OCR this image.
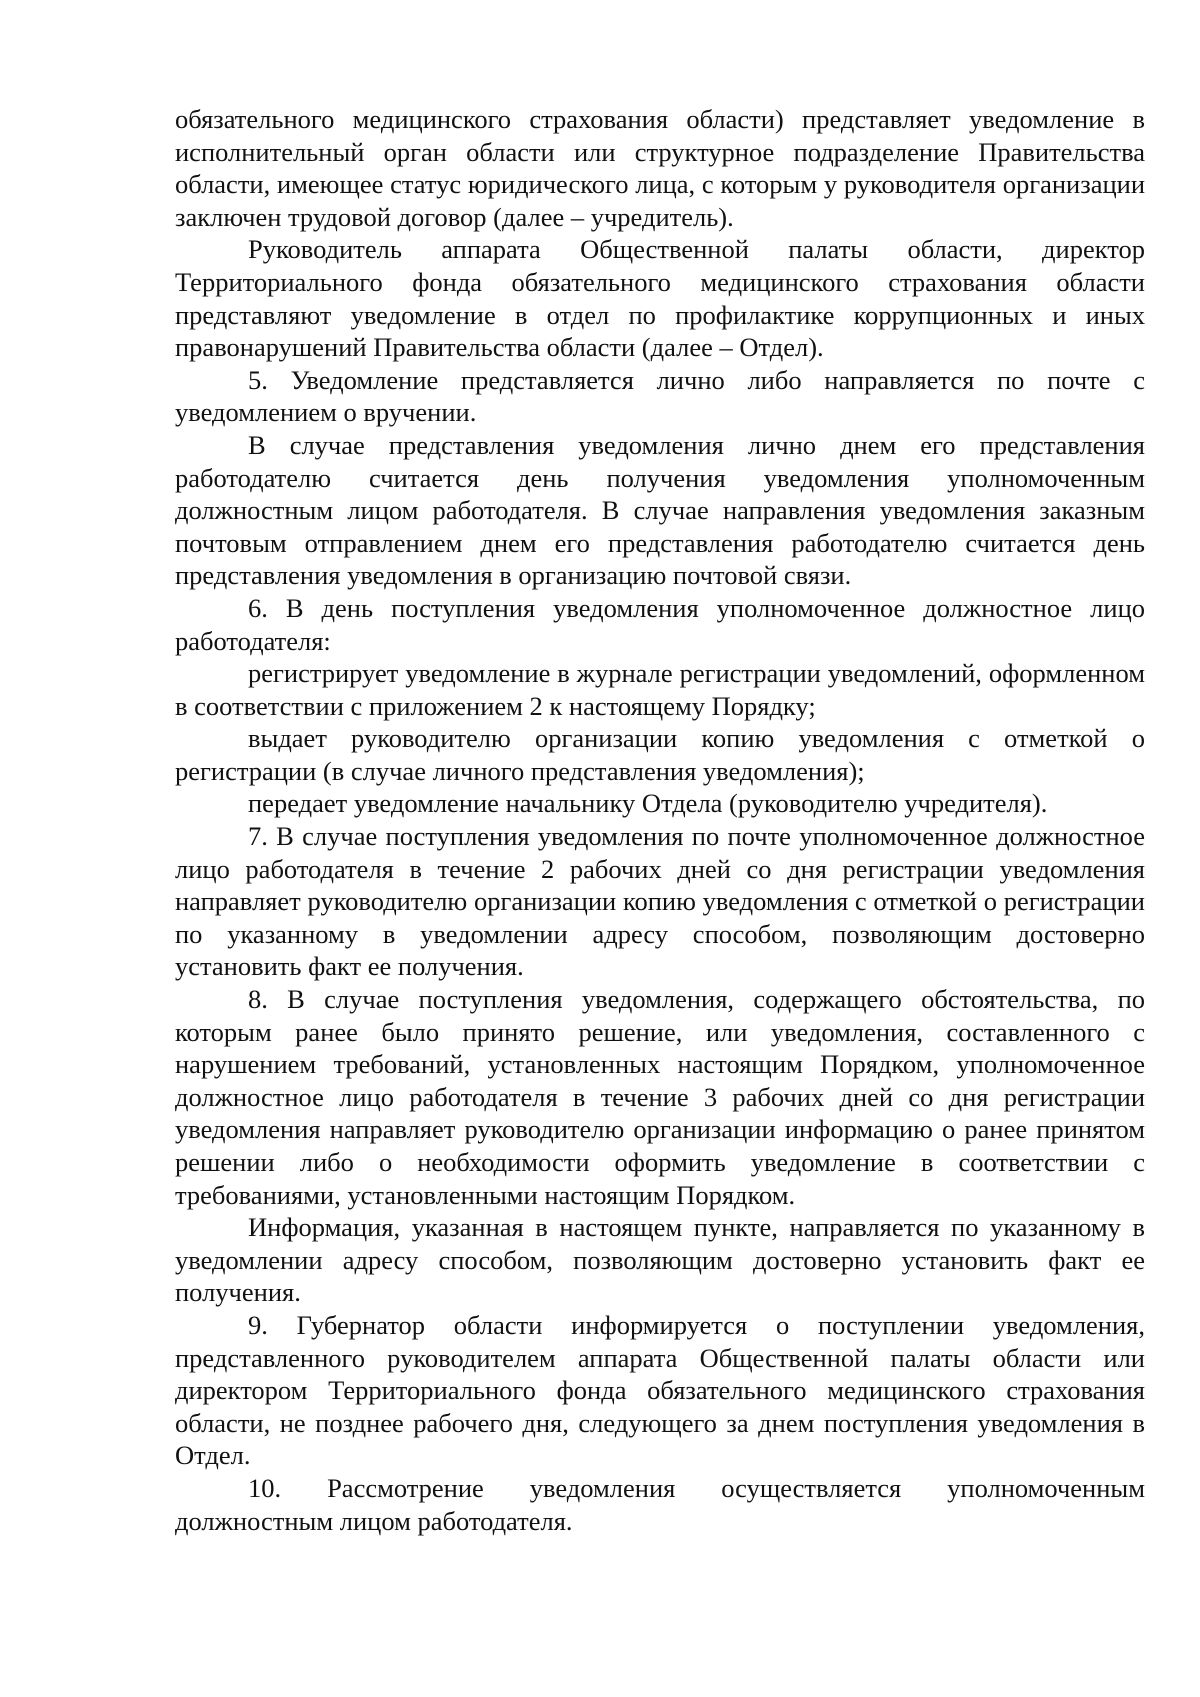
обязательного медицинского страхования области) представляет уведомление в исполнительный орган области или структурное подразделение Правительства области, имеющее статус юридического лица, с которым у руководителя организации заключен трудовой договор (далее – учредитель).

Руководитель аппарата Общественной палаты области, директор Территориального фонда обязательного медицинского страхования области представляют уведомление в отдел по профилактике коррупционных и иных правонарушений Правительства области (далее – Отдел).

5. Уведомление представляется лично либо направляется по почте с уведомлением о вручении.

В случае представления уведомления лично днем его представления работодателю считается день получения уведомления уполномоченным должностным лицом работодателя. В случае направления уведомления заказным почтовым отправлением днем его представления работодателю считается день представления уведомления в организацию почтовой связи.

6. В день поступления уведомления уполномоченное должностное лицо работодателя:

регистрирует уведомление в журнале регистрации уведомлений, оформленном в соответствии с приложением 2 к настоящему Порядку;

выдает руководителю организации копию уведомления с отметкой о регистрации (в случае личного представления уведомления);

передает уведомление начальнику Отдела (руководителю учредителя).

7. В случае поступления уведомления по почте уполномоченное должностное лицо работодателя в течение 2 рабочих дней со дня регистрации уведомления направляет руководителю организации копию уведомления с отметкой о регистрации по указанному в уведомлении адресу способом, позволяющим достоверно установить факт ее получения.

8. В случае поступления уведомления, содержащего обстоятельства, по которым ранее было принято решение, или уведомления, составленного с нарушением требований, установленных настоящим Порядком, уполномоченное должностное лицо работодателя в течение 3 рабочих дней со дня регистрации уведомления направляет руководителю организации информацию о ранее принятом решении либо о необходимости оформить уведомление в соответствии с требованиями, установленными настоящим Порядком.

Информация, указанная в настоящем пункте, направляется по указанному в уведомлении адресу способом, позволяющим достоверно установить факт ее получения.

9. Губернатор области информируется о поступлении уведомления, представленного руководителем аппарата Общественной палаты области или директором Территориального фонда обязательного медицинского страхования области, не позднее рабочего дня, следующего за днем поступления уведомления в Отдел.

10. Рассмотрение уведомления осуществляется уполномоченным должностным лицом работодателя.
